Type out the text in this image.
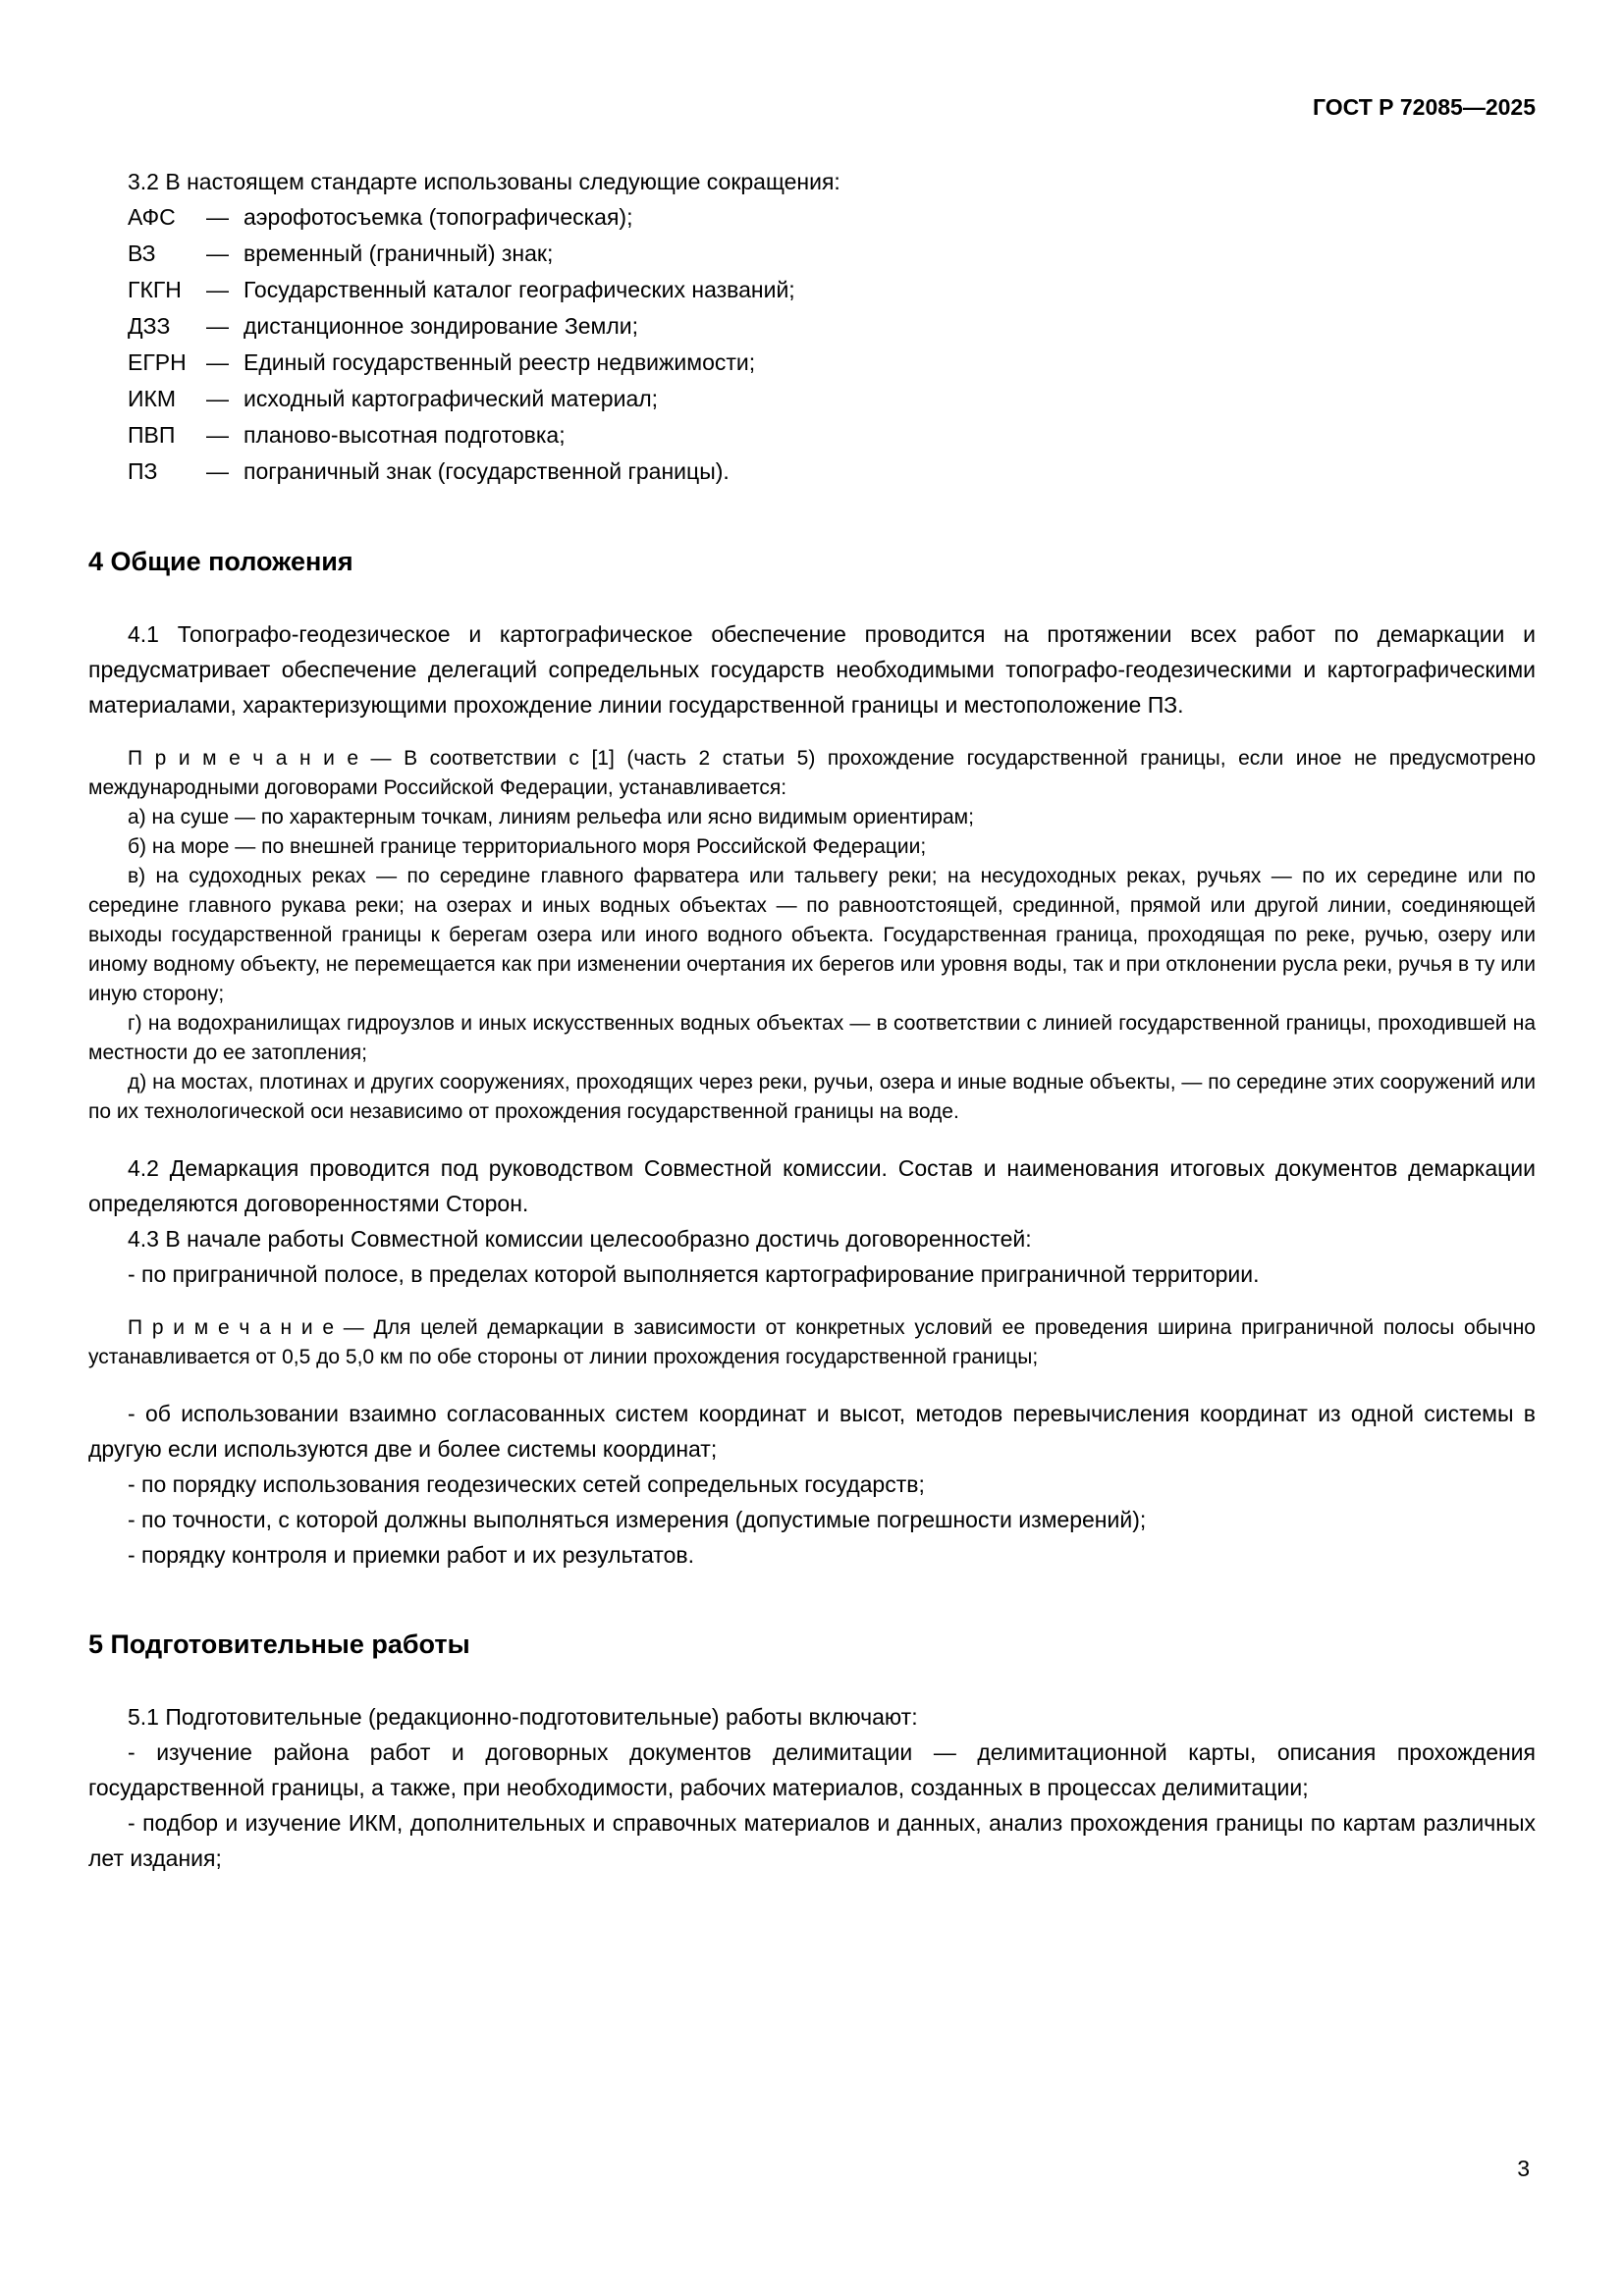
ГОСТ Р 72085—2025
3.2 В настоящем стандарте использованы следующие сокращения:
АФС	— аэрофотосъемка (топографическая);
ВЗ	— временный (граничный) знак;
ГКГН	— Государственный каталог географических названий;
ДЗЗ	— дистанционное зондирование Земли;
ЕГРН — Единый государственный реестр недвижимости;
ИКМ	— исходный картографический материал;
ПВП	— планово-высотная подготовка;
ПЗ	— пограничный знак (государственной границы).
4 Общие положения
4.1 Топографо-геодезическое и картографическое обеспечение проводится на протяжении всех работ по демаркации и предусматривает обеспечение делегаций сопредельных государств необходимыми топографо-геодезическими и картографическими материалами, характеризующими прохождение линии государственной границы и местоположение ПЗ.
П р и м е ч а н и е — В соответствии с [1] (часть 2 статьи 5) прохождение государственной границы, если иное не предусмотрено международными договорами Российской Федерации, устанавливается:
а) на суше — по характерным точкам, линиям рельефа или ясно видимым ориентирам;
б) на море — по внешней границе территориального моря Российской Федерации;
в) на судоходных реках — по середине главного фарватера или тальвегу реки; на несудоходных реках, ручьях — по их середине или по середине главного рукава реки; на озерах и иных водных объектах — по равноотстоящей, срединной, прямой или другой линии, соединяющей выходы государственной границы к берегам озера или иного водного объекта. Государственная граница, проходящая по реке, ручью, озеру или иному водному объекту, не перемещается как при изменении очертания их берегов или уровня воды, так и при отклонении русла реки, ручья в ту или иную сторону;
г) на водохранилищах гидроузлов и иных искусственных водных объектах — в соответствии с линией государственной границы, проходившей на местности до ее затопления;
д) на мостах, плотинах и других сооружениях, проходящих через реки, ручьи, озера и иные водные объекты, — по середине этих сооружений или по их технологической оси независимо от прохождения государственной границы на воде.
4.2 Демаркация проводится под руководством Совместной комиссии. Состав и наименования итоговых документов демаркации определяются договоренностями Сторон.
4.3 В начале работы Совместной комиссии целесообразно достичь договоренностей:
- по приграничной полосе, в пределах которой выполняется картографирование приграничной территории.
П р и м е ч а н и е — Для целей демаркации в зависимости от конкретных условий ее проведения ширина приграничной полосы обычно устанавливается от 0,5 до 5,0 км по обе стороны от линии прохождения государственной границы;
- об использовании взаимно согласованных систем координат и высот, методов перевычисления координат из одной системы в другую если используются две и более системы координат;
- по порядку использования геодезических сетей сопредельных государств;
- по точности, с которой должны выполняться измерения (допустимые погрешности измерений);
- порядку контроля и приемки работ и их результатов.
5 Подготовительные работы
5.1 Подготовительные (редакционно-подготовительные) работы включают:
- изучение района работ и договорных документов делимитации — делимитационной карты, описания прохождения государственной границы, а также, при необходимости, рабочих материалов, созданных в процессах делимитации;
- подбор и изучение ИКМ, дополнительных и справочных материалов и данных, анализ прохождения границы по картам различных лет издания;
3
